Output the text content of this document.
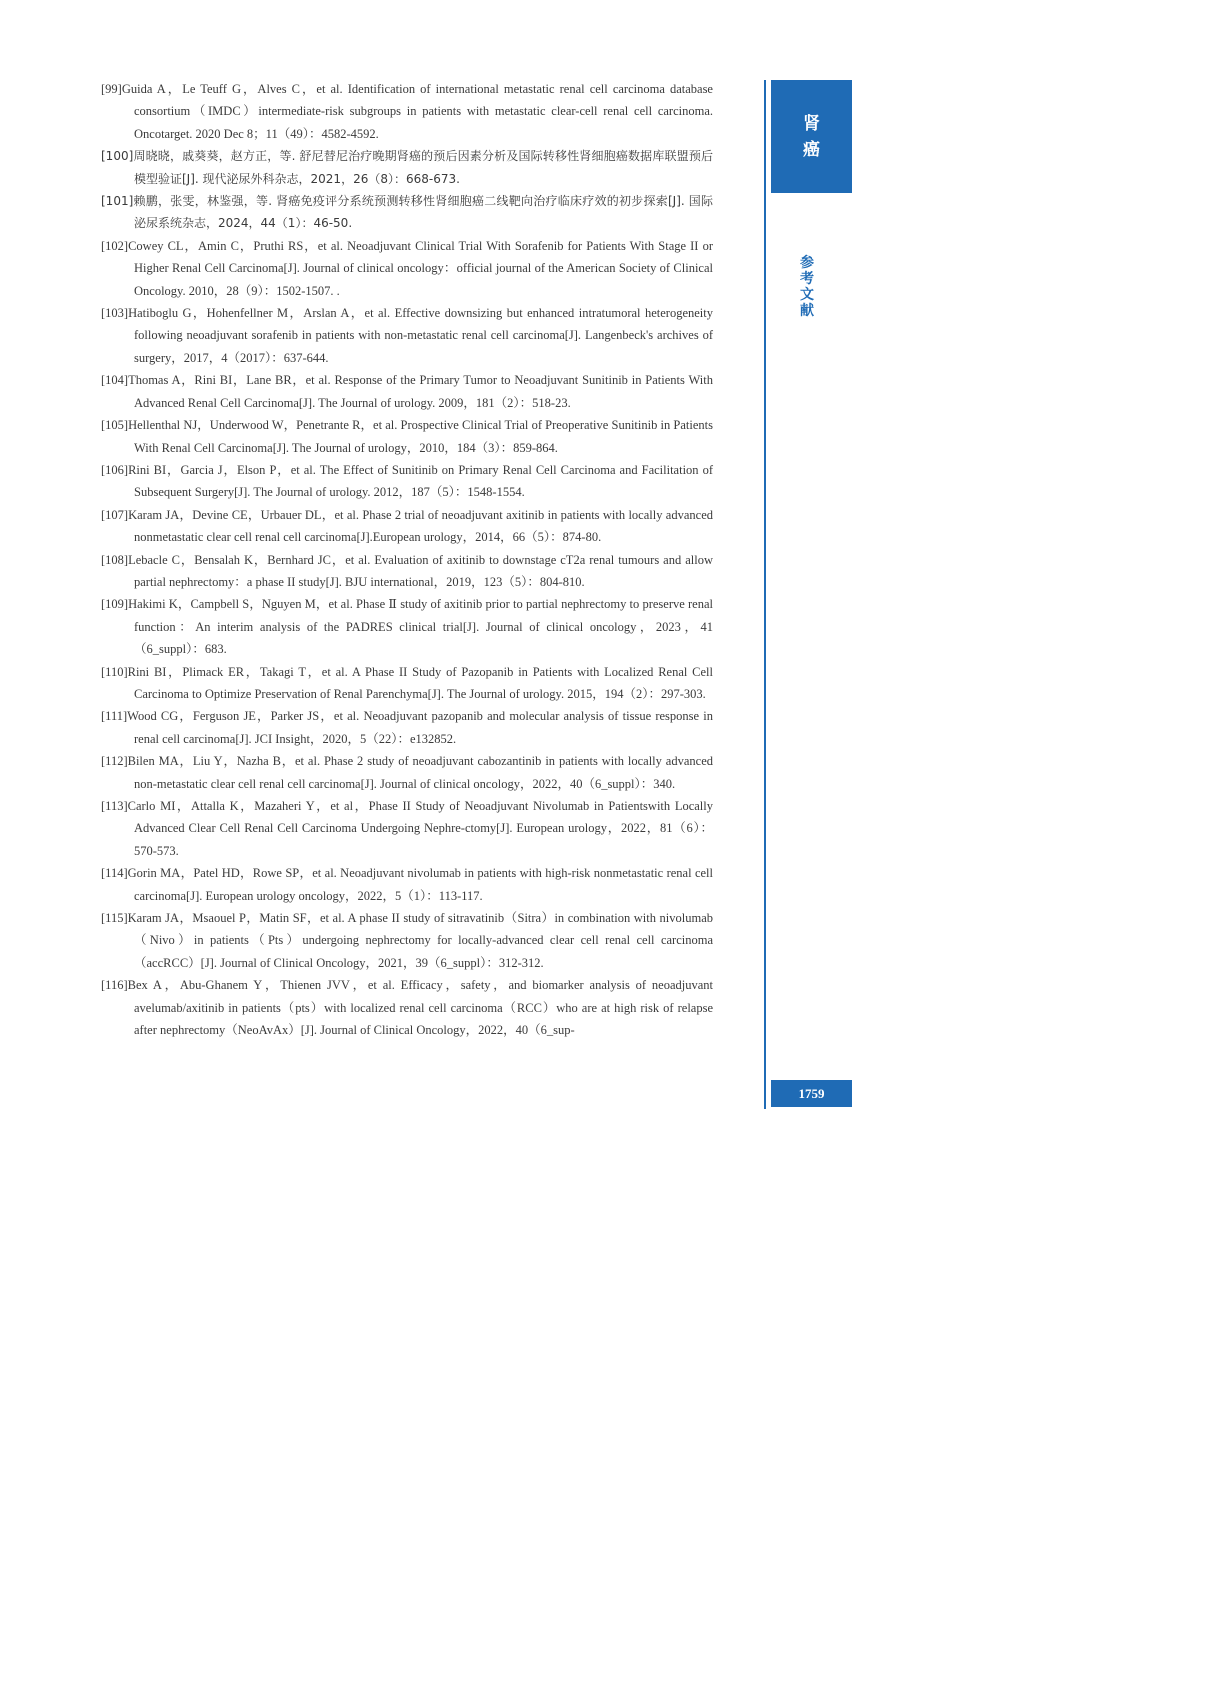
[99]Guida A，Le Teuff G，Alves C，et al. Identification of international metastatic renal cell carcinoma database consortium（IMDC）intermediate-risk subgroups in patients with metastatic clear-cell renal cell carcinoma. Oncotarget. 2020 Dec 8；11（49）：4582-4592.
[100]周晓晓，戚葵葵，赵方正，等. 舒尼替尼治疗晚期肾癌的预后因素分析及国际转移性肾细胞癌数据库联盟预后模型验证[J]. 现代泌尿外科杂志，2021，26（8）：668-673.
[101]赖鹏，张雯，林鉴强，等. 肾癌免疫评分系统预测转移性肾细胞癌二线靶向治疗临床疗效的初步探索[J]. 国际泌尿系统杂志，2024，44（1）：46-50.
[102]Cowey CL，Amin C，Pruthi RS，et al. Neoadjuvant Clinical Trial With Sorafenib for Patients With Stage II or Higher Renal Cell Carcinoma[J]. Journal of clinical oncology：official journal of the American Society of Clinical Oncology. 2010，28（9）：1502-1507. .
[103]Hatiboglu G，Hohenfellner M，Arslan A，et al. Effective downsizing but enhanced intratumoral heterogeneity following neoadjuvant sorafenib in patients with non-metastatic renal cell carcinoma[J]. Langenbeck's archives of surgery，2017，4（2017）：637-644.
[104]Thomas A，Rini BI，Lane BR，et al. Response of the Primary Tumor to Neoadjuvant Sunitinib in Patients With Advanced Renal Cell Carcinoma[J]. The Journal of urology. 2009，181（2）：518-23.
[105]Hellenthal NJ，Underwood W，Penetrante R，et al. Prospective Clinical Trial of Preoperative Sunitinib in Patients With Renal Cell Carcinoma[J]. The Journal of urology，2010，184（3）：859-864.
[106]Rini BI，Garcia J，Elson P，et al. The Effect of Sunitinib on Primary Renal Cell Carcinoma and Facilitation of Subsequent Surgery[J]. The Journal of urology. 2012，187（5）：1548-1554.
[107]Karam JA，Devine CE，Urbauer DL，et al. Phase 2 trial of neoadjuvant axitinib in patients with locally advanced nonmetastatic clear cell renal cell carcinoma[J].European urology，2014，66（5）：874-80.
[108]Lebacle C，Bensalah K，Bernhard JC，et al. Evaluation of axitinib to downstage cT2a renal tumours and allow partial nephrectomy：a phase II study[J]. BJU international，2019，123（5）：804-810.
[109]Hakimi K，Campbell S，Nguyen M，et al. Phase Ⅱ study of axitinib prior to partial nephrectomy to preserve renal function：An interim analysis of the PADRES clinical trial[J]. Journal of clinical oncology，2023，41（6_suppl）：683.
[110]Rini BI，Plimack ER，Takagi T，et al. A Phase II Study of Pazopanib in Patients with Localized Renal Cell Carcinoma to Optimize Preservation of Renal Parenchyma[J]. The Journal of urology. 2015，194（2）：297-303.
[111]Wood CG，Ferguson JE，Parker JS，et al. Neoadjuvant pazopanib and molecular analysis of tissue response in renal cell carcinoma[J]. JCI Insight，2020，5（22）：e132852.
[112]Bilen MA，Liu Y，Nazha B，et al. Phase 2 study of neoadjuvant cabozantinib in patients with locally advanced non-metastatic clear cell renal cell carcinoma[J]. Journal of clinical oncology，2022，40（6_suppl）：340.
[113]Carlo MI，Attalla K，Mazaheri Y，et al，Phase II Study of Neoadjuvant Nivolumab in Patientswith Locally Advanced Clear Cell Renal Cell Carcinoma Undergoing Nephre-ctomy[J]. European urology，2022，81（6）：570-573.
[114]Gorin MA，Patel HD，Rowe SP，et al. Neoadjuvant nivolumab in patients with high-risk nonmetastatic renal cell carcinoma[J]. European urology oncology，2022，5（1）：113-117.
[115]Karam JA，Msaouel P，Matin SF，et al. A phase II study of sitravatinib（Sitra）in combination with nivolumab（Nivo）in patients（Pts）undergoing nephrectomy for locally-advanced clear cell renal cell carcinoma（accRCC）[J]. Journal of Clinical Oncology，2021，39（6_suppl）：312-312.
[116]Bex A，Abu-Ghanem Y，Thienen JVV，et al. Efficacy，safety，and biomarker analysis of neoadjuvant avelumab/axitinib in patients（pts）with localized renal cell carcinoma（RCC）who are at high risk of relapse after nephrectomy（NeoAvAx）[J]. Journal of Clinical Oncology，2022，40（6_sup-
肾
癌
参
考
文
献
1759
